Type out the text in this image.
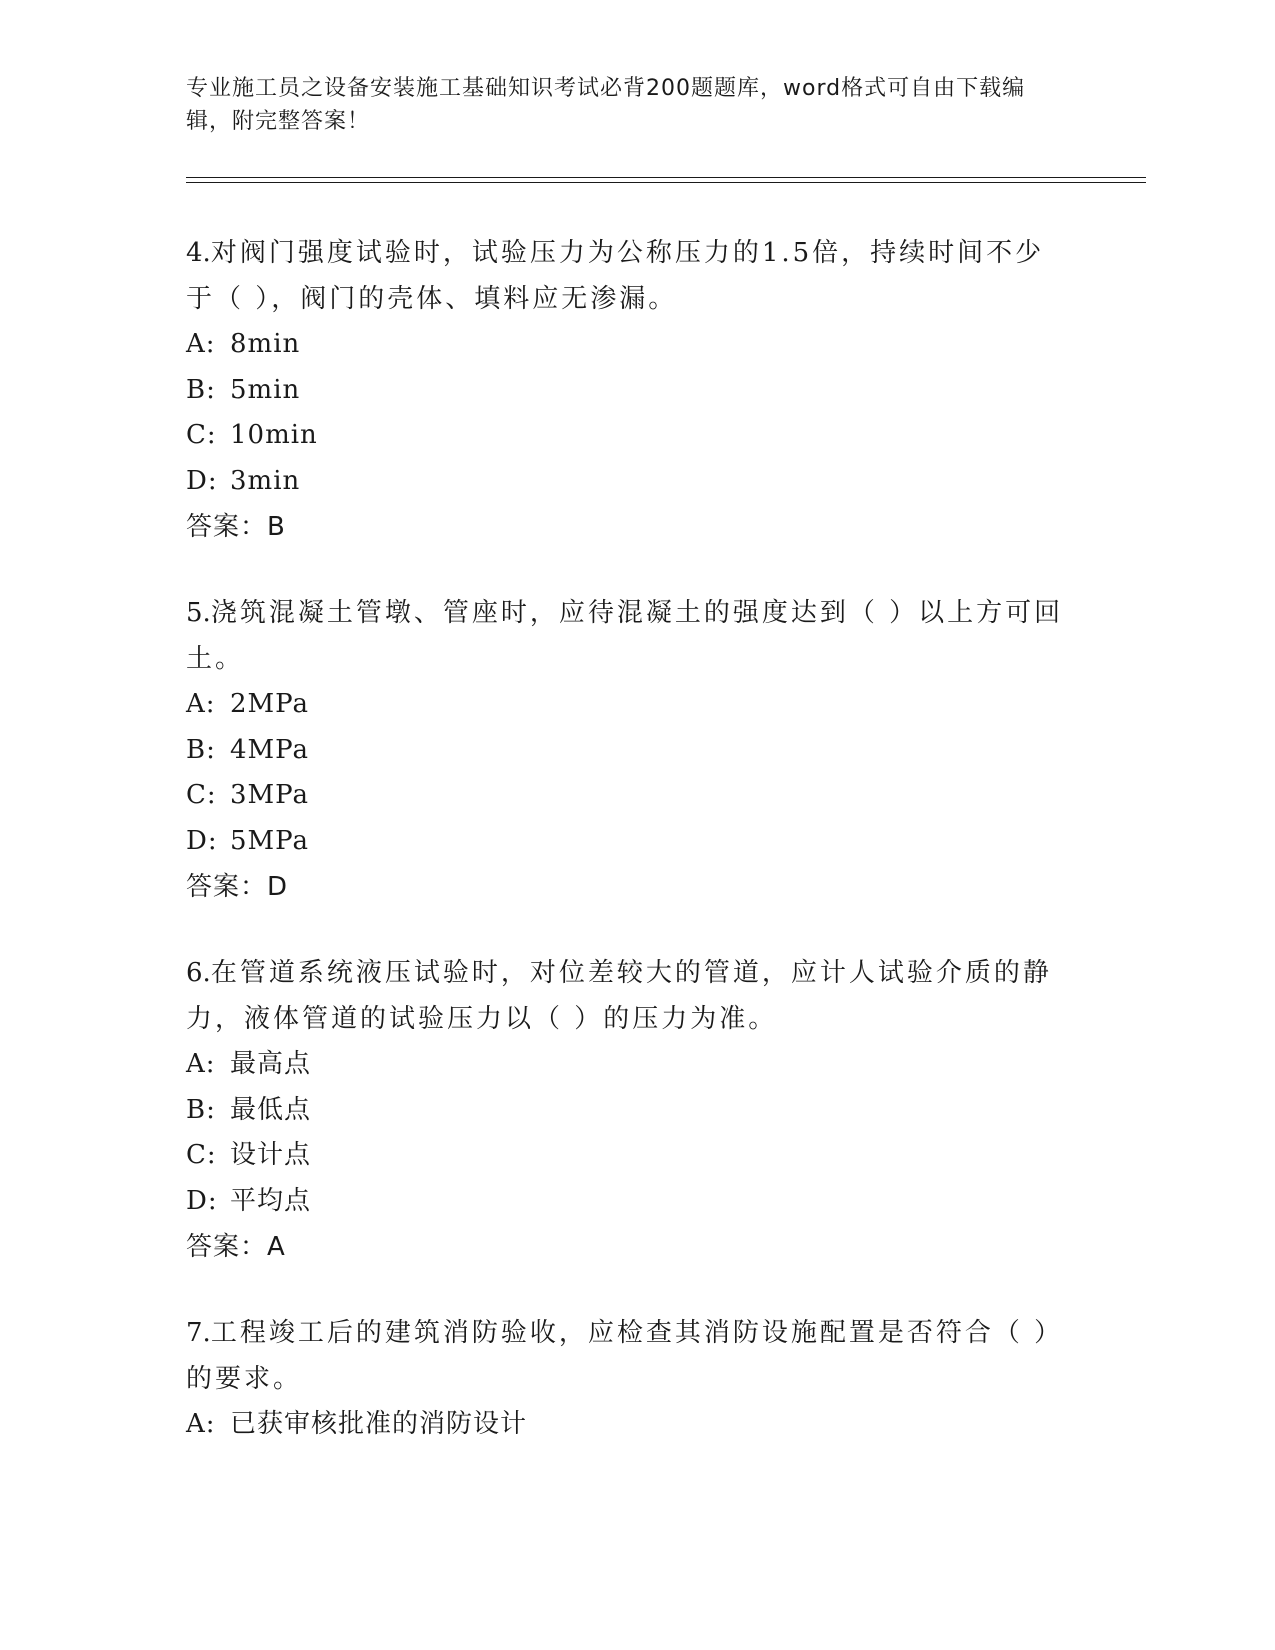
专业施工员之设备安装施工基础知识考试必背200题题库，word格式可自由下载编辑，附完整答案！
4.对阀门强度试验时，试验压力为公称压力的1.5倍，持续时间不少于（ ），阀门的壳体、填料应无渗漏。
A: 8min
B: 5min
C: 10min
D: 3min
答案：B
5.浇筑混凝土管墩、管座时，应待混凝土的强度达到（ ）以上方可回土。
A: 2MPa
B: 4MPa
C: 3MPa
D: 5MPa
答案：D
6.在管道系统液压试验时，对位差较大的管道，应计人试验介质的静力，液体管道的试验压力以（ ）的压力为准。
A: 最高点
B: 最低点
C: 设计点
D: 平均点
答案：A
7.工程竣工后的建筑消防验收，应检查其消防设施配置是否符合（ ）的要求。
A: 已获审核批准的消防设计
